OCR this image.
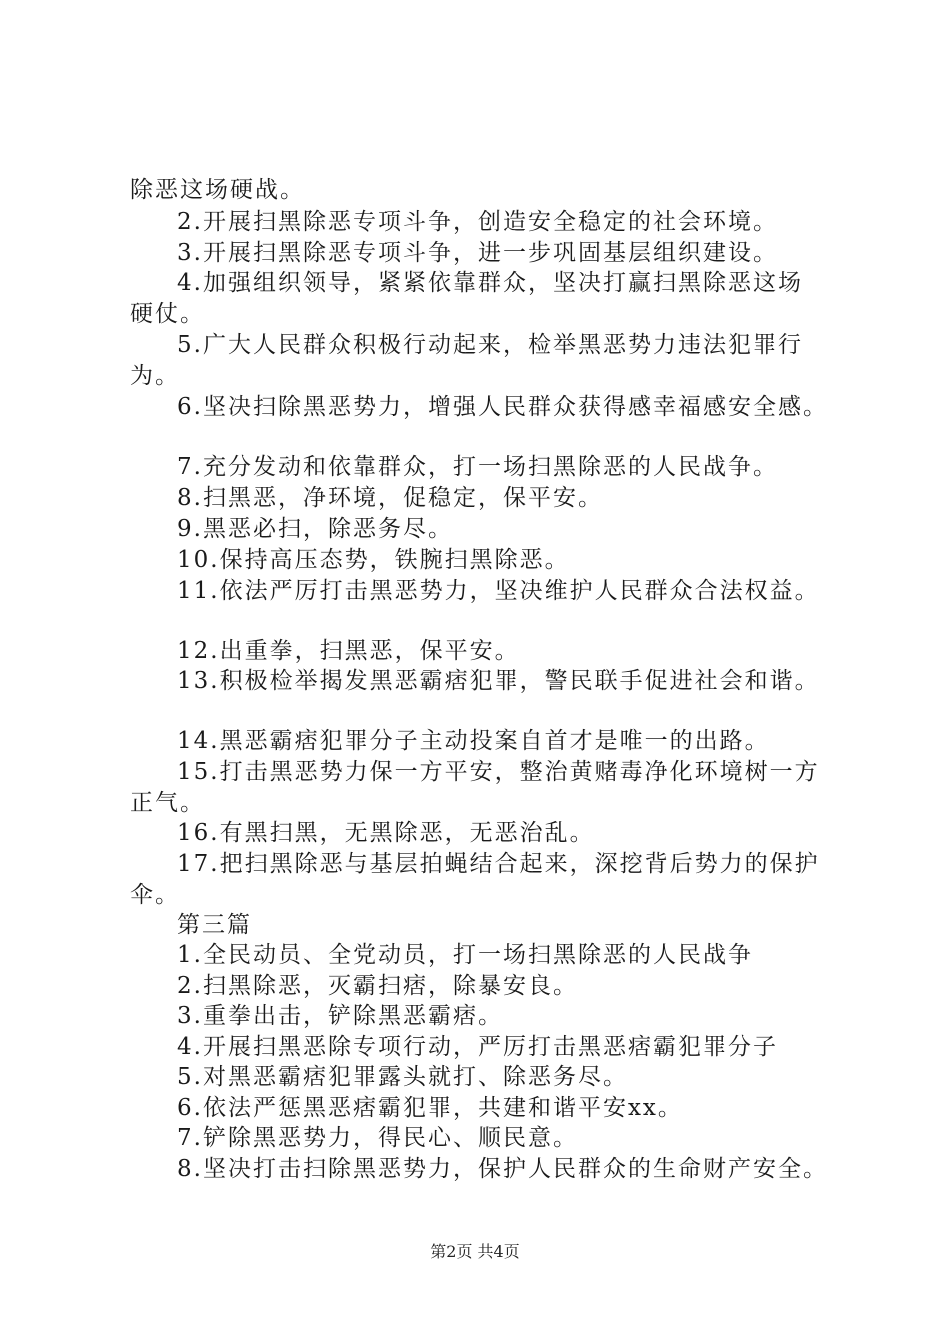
除恶这场硬战。
2.开展扫黑除恶专项斗争，创造安全稳定的社会环境。
3.开展扫黑除恶专项斗争，进一步巩固基层组织建设。
4.加强组织领导，紧紧依靠群众，坚决打赢扫黑除恶这场
硬仗。
5.广大人民群众积极行动起来，检举黑恶势力违法犯罪行
为。
6.坚决扫除黑恶势力，增强人民群众获得感幸福感安全感。
7.充分发动和依靠群众，打一场扫黑除恶的人民战争。
8.扫黑恶，净环境，促稳定，保平安。
9.黑恶必扫，除恶务尽。
10.保持高压态势，铁腕扫黑除恶。
11.依法严厉打击黑恶势力，坚决维护人民群众合法权益。
12.出重拳，扫黑恶，保平安。
13.积极检举揭发黑恶霸痞犯罪，警民联手促进社会和谐。
14.黑恶霸痞犯罪分子主动投案自首才是唯一的出路。
15.打击黑恶势力保一方平安，整治黄赌毒净化环境树一方
正气。
16.有黑扫黑，无黑除恶，无恶治乱。
17.把扫黑除恶与基层拍蝇结合起来，深挖背后势力的保护
伞。
第三篇
1.全民动员、全党动员，打一场扫黑除恶的人民战争
2.扫黑除恶，灭霸扫痞，除暴安良。
3.重拳出击，铲除黑恶霸痞。
4.开展扫黑恶除专项行动，严厉打击黑恶痞霸犯罪分子
5.对黑恶霸痞犯罪露头就打、除恶务尽。
6.依法严惩黑恶痞霸犯罪，共建和谐平安xx。
7.铲除黑恶势力，得民心、顺民意。
8.坚决打击扫除黑恶势力，保护人民群众的生命财产安全。
第2页 共4页
